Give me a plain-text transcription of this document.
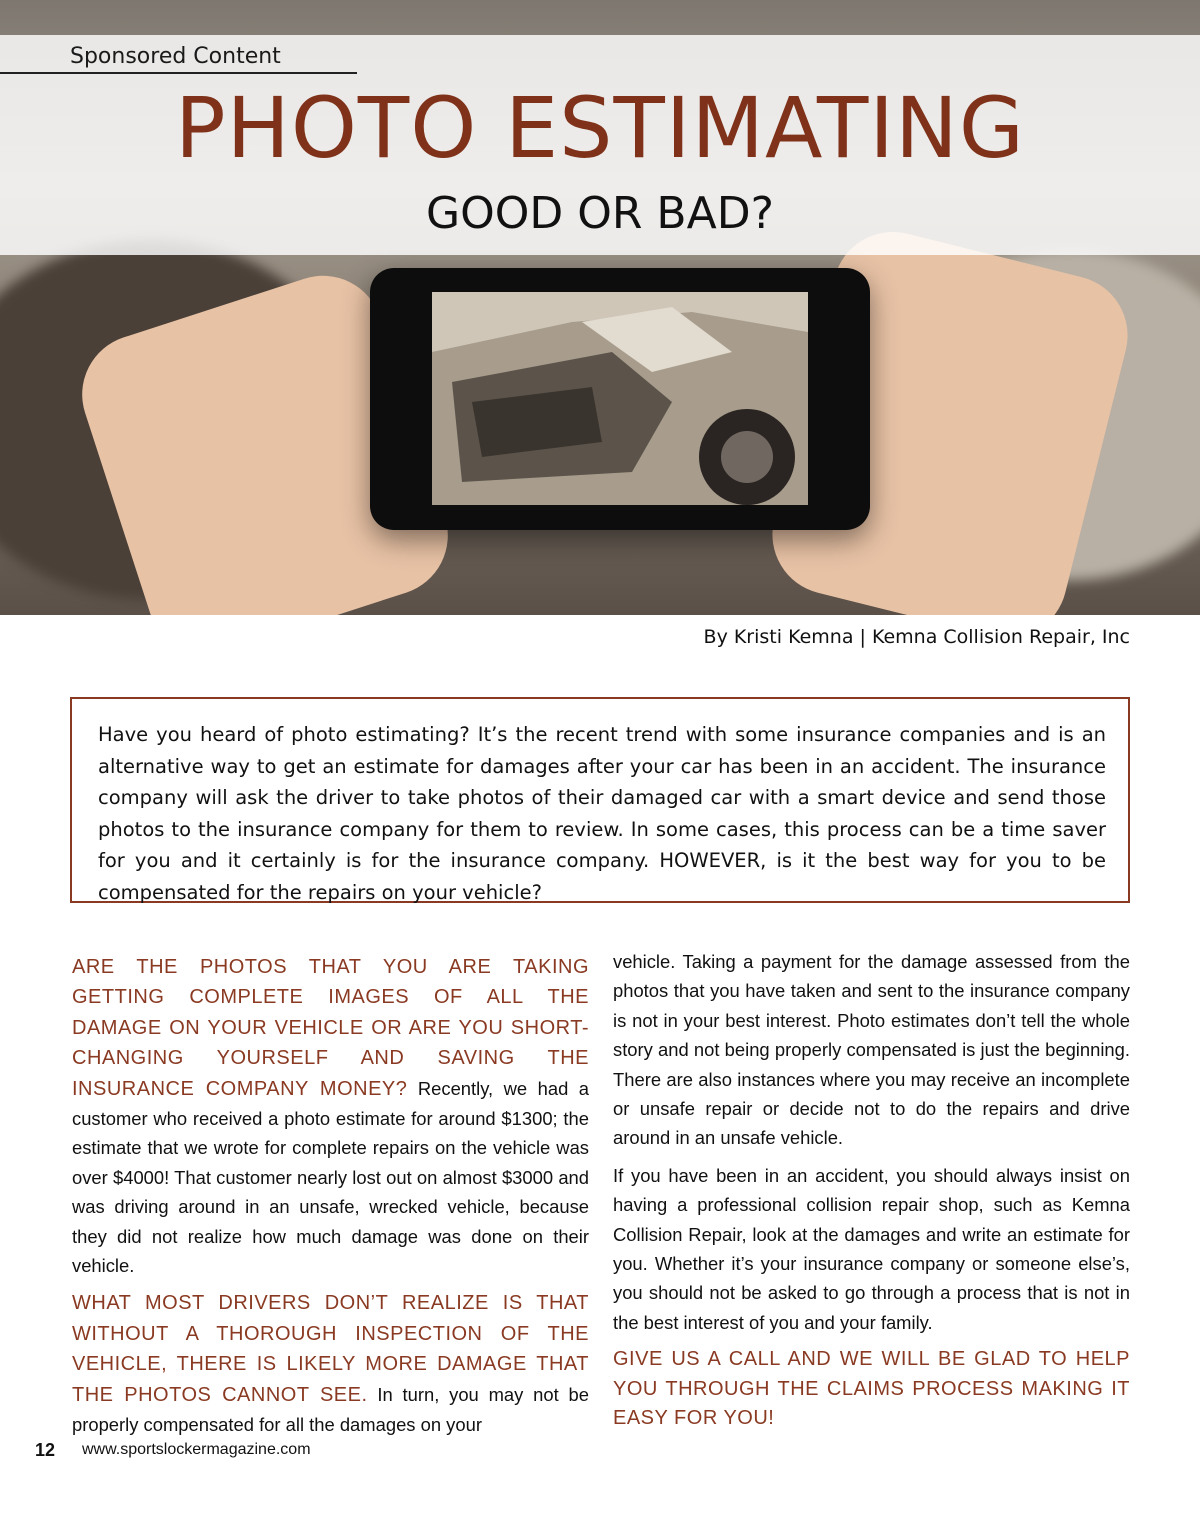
Sponsored Content
PHOTO ESTIMATING
GOOD OR BAD?
By Kristi Kemna | Kemna Collision Repair, Inc

Have you heard of photo estimating? It’s the recent trend with some insurance companies and is an alternative way to get an estimate for damages after your car has been in an accident. The insurance company will ask the driver to take photos of their damaged car with a smart device and send those photos to the insurance company for them to review. In some cases, this process can be a time saver for you and it certainly is for the insurance company. HOWEVER, is it the best way for you to be compensated for the repairs on your vehicle?

ARE THE PHOTOS THAT YOU ARE TAKING GETTING COMPLETE IMAGES OF ALL THE DAMAGE ON YOUR VEHICLE OR ARE YOU SHORT-CHANGING YOURSELF AND SAVING THE INSURANCE COMPANY MONEY? Recently, we had a customer who received a photo estimate for around $1300; the estimate that we wrote for complete repairs on the vehicle was over $4000! That customer nearly lost out on almost $3000 and was driving around in an unsafe, wrecked vehicle, because they did not realize how much damage was done on their vehicle.

WHAT MOST DRIVERS DON’T REALIZE IS THAT WITHOUT A THOROUGH INSPECTION OF THE VEHICLE, THERE IS LIKELY MORE DAMAGE THAT THE PHOTOS CANNOT SEE. In turn, you may not be properly compensated for all the damages on your

vehicle. Taking a payment for the damage assessed from the photos that you have taken and sent to the insurance company is not in your best interest. Photo estimates don’t tell the whole story and not being properly compensated is just the beginning. There are also instances where you may receive an incomplete or unsafe repair or decide not to do the repairs and drive around in an unsafe vehicle.

If you have been in an accident, you should always insist on having a professional collision repair shop, such as Kemna Collision Repair, look at the damages and write an estimate for you. Whether it’s your insurance company or someone else’s, you should not be asked to go through a process that is not in the best interest of you and your family.

GIVE US A CALL AND WE WILL BE GLAD TO HELP YOU THROUGH THE CLAIMS PROCESS MAKING IT EASY FOR YOU!

12 www.sportslockermagazine.com
